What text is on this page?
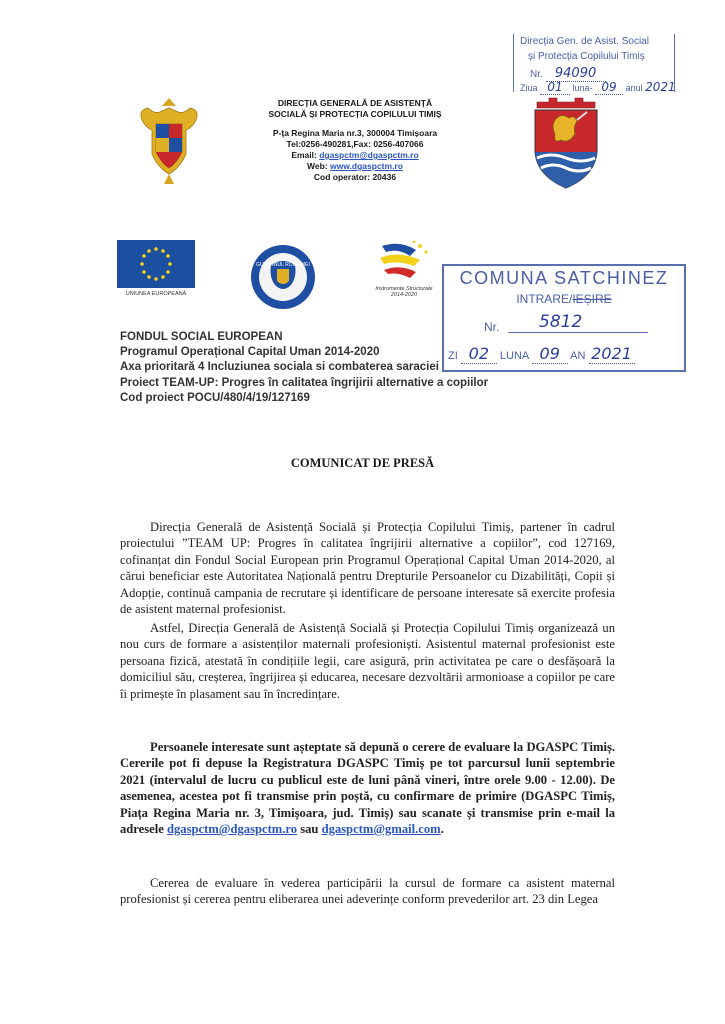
Direcția Gen. de Asist. Social
și Protecția Copilului Timiș
Nr. 94090
Ziua 01 luna- 09 anul 2021
DIRECȚIA GENERALĂ DE ASISTENȚĂ
SOCIALĂ ȘI PROTECȚIA COPILULUI TIMIȘ
P-ța Regina Maria nr.3, 300004 Timișoara
Tel:0256-490281,Fax: 0256-407066
Email: dgaspctm@dgaspctm.ro
Web: www.dgaspctm.ro
Cod operator: 20436
UNIUNEA EUROPEANĂ
GUVERNUL ROMÂNIEI
Instrumente Structurale
2014-2020
COMUNA SATCHINEZ
INTRARE/IEȘIRE
Nr. 5812
ZI 02 LUNA 09 AN 2021
FONDUL SOCIAL EUROPEAN
Programul Operațional Capital Uman 2014-2020
Axa prioritară 4 Incluziunea sociala si combaterea saraciei
Proiect TEAM-UP: Progres în calitatea îngrijirii alternative a copiilor
Cod proiect POCU/480/4/19/127169
COMUNICAT DE PRESĂ

Direcția Generală de Asistență Socială și Protecția Copilului Timiș, partener în cadrul proiectului ”TEAM UP: Progres în calitatea îngrijirii alternative a copiilor”, cod 127169, cofinanțat din Fondul Social European prin Programul Operațional Capital Uman 2014-2020, al cărui beneficiar este Autoritatea Națională pentru Drepturile Persoanelor cu Dizabilități, Copii și Adopție, continuă campania de recrutare și identificare de persoane interesate să exercite profesia de asistent maternal profesionist.

Astfel, Direcția Generală de Asistență Socială și Protecția Copilului Timiș organizează un nou curs de formare a asistenților maternali profesioniști. Asistentul maternal profesionist este persoana fizică, atestată în condițiile legii, care asigură, prin activitatea pe care o desfășoară la domiciliul său, creșterea, îngrijirea și educarea, necesare dezvoltării armonioase a copiilor pe care îi primește în plasament sau în încredințare.

Persoanele interesate sunt așteptate să depună o cerere de evaluare la DGASPC Timiș. Cererile pot fi depuse la Registratura DGASPC Timiș pe tot parcursul lunii septembrie 2021 (intervalul de lucru cu publicul este de luni până vineri, între orele 9.00 - 12.00). De asemenea, acestea pot fi transmise prin poștă, cu confirmare de primire (DGASPC Timiș, Piața Regina Maria nr. 3, Timișoara, jud. Timiș) sau scanate și transmise prin e-mail la adresele dgaspctm@dgaspctm.ro sau dgaspctm@gmail.com.

Cererea de evaluare în vederea participării la cursul de formare ca asistent maternal profesionist și cererea pentru eliberarea unei adeverințe conform prevederilor art. 23 din Legea
